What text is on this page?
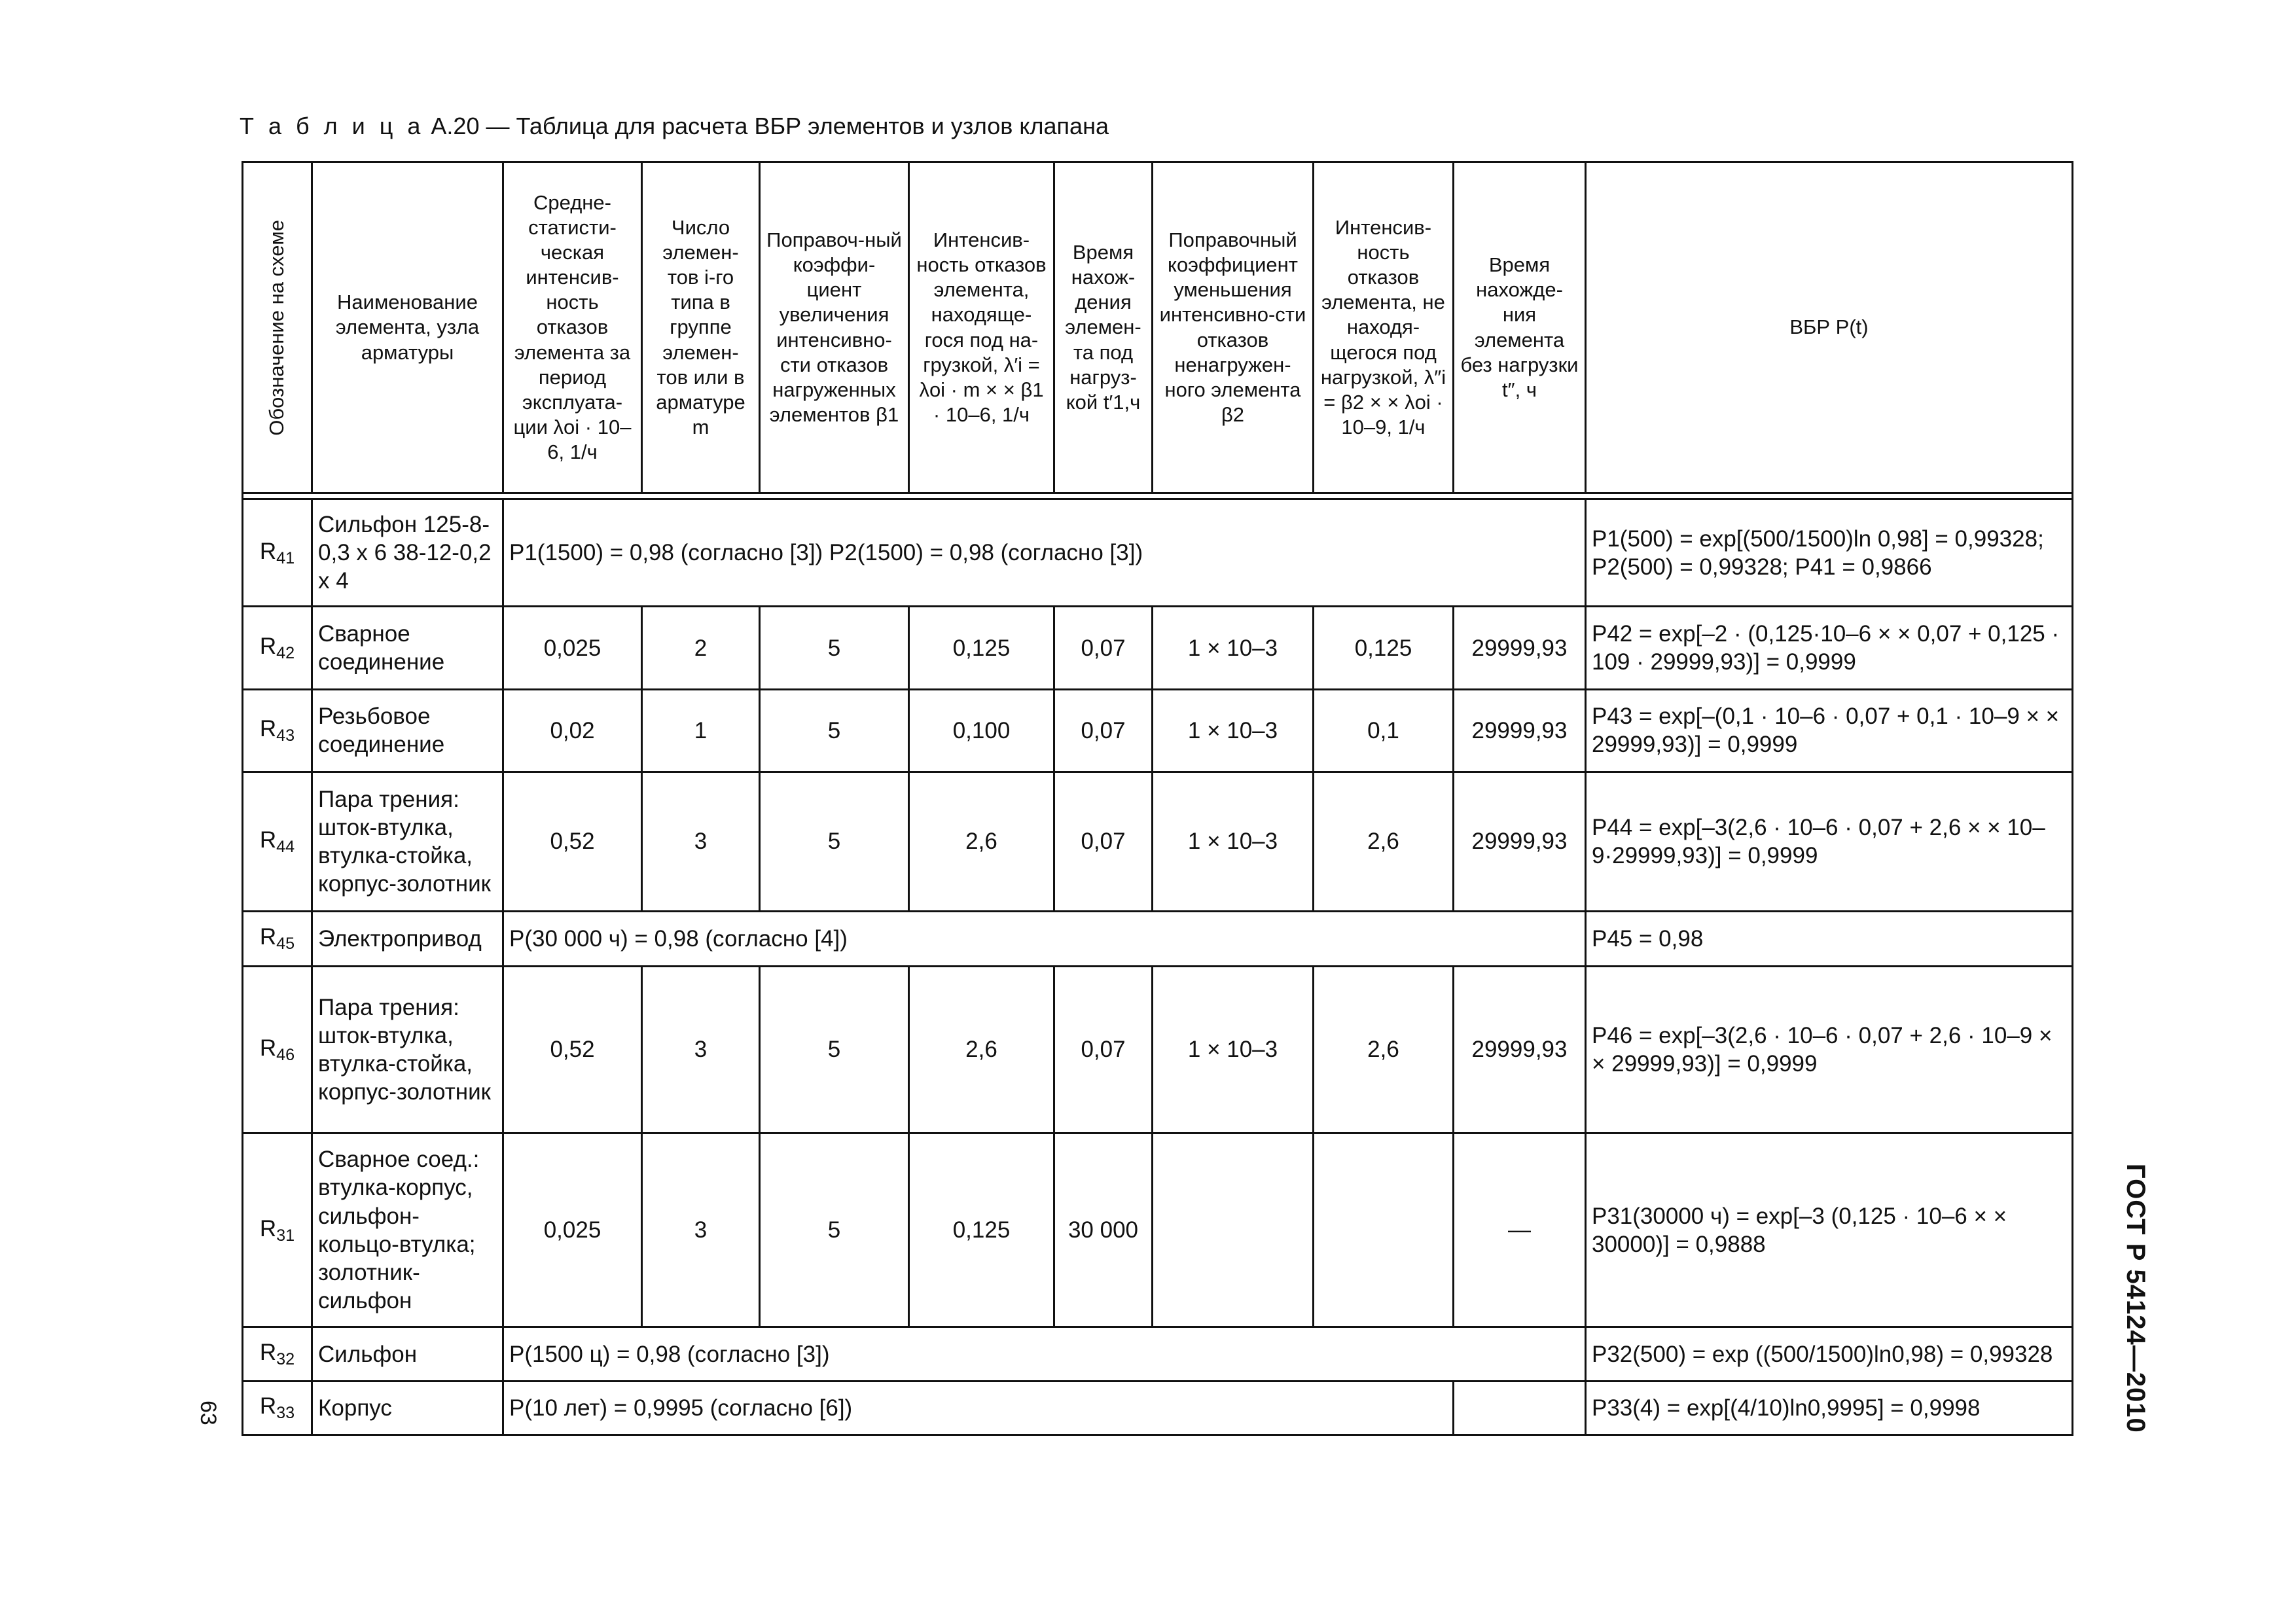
Т а б л и ц а А.20 — Таблица для расчета ВБР элементов и узлов клапана
Обозначение на схеме	Наименование элемента, узла арматуры	Средне-статисти-ческая интенсив-ность отказов элемента за период эксплуата-ции λoi · 10–6, 1/ч	Число элемен-тов i-го типа в группе элемен-тов или в арматуре m	Поправоч-ный коэффи-циент увеличения интенсивно-сти отказов нагруженных элементов β1	Интенсив-ность отказов элемента, находяще-гося под на-грузкой, λ′i = λoi · m × × β1 · 10–6, 1/ч	Время нахож-дения элемен-та под нагруз-кой t′1,ч	Поправочный коэффициент уменьшения интенсивно-сти отказов ненагружен-ного элемента β2	Интенсив-ность отказов элемента, не находя-щегося под нагрузкой, λ″i = β2 × × λoi · 10–9, 1/ч	Время нахожде-ния элемента без нагрузки t″, ч	ВБР P(t)

$R_{41}$	Сильфон 125-8-0,3 х 6 38-12-0,2 х 4	P1(1500) = 0,98 (согласно [3]) P2(1500) = 0,98 (согласно [3])								P1(500) = exp[(500/1500)ln 0,98] = 0,99328; P2(500) = 0,99328; P41 = 0,9866
$R_{42}$	Сварное соединение	0,025	2	5	0,125	0,07	1 × 10–3	0,125	29999,93	P42 = exp[–2 · (0,125·10–6 × × 0,07 + 0,125 · 109 · 29999,93)] = 0,9999
$R_{43}$	Резьбовое соединение	0,02	1	5	0,100	0,07	1 × 10–3	0,1	29999,93	P43 = exp[–(0,1 · 10–6 · 0,07 + 0,1 · 10–9 × × 29999,93)] = 0,9999
$R_{44}$	Пара трения: шток-втулка, втулка-стойка, корпус-золотник	0,52	3	5	2,6	0,07	1 × 10–3	2,6	29999,93	P44 = exp[–3(2,6 · 10–6 · 0,07 + 2,6 × × 10–9·29999,93)] = 0,9999
$R_{45}$	Электропривод	P(30 000 ч) = 0,98 (согласно [4])								P45 = 0,98
$R_{46}$	Пара трения: шток-втулка, втулка-стойка, корпус-золотник	0,52	3	5	2,6	0,07	1 × 10–3	2,6	29999,93	P46 = exp[–3(2,6 · 10–6 · 0,07 + 2,6 · 10–9 × × 29999,93)] = 0,9999
$R_{31}$	Сварное соед.: втулка-корпус, сильфон-кольцо-втулка; золотник-сильфон	0,025	3	5	0,125	30 000			—	P31(30000 ч) = exp[–3 (0,125 · 10–6 × × 30000)] = 0,9888
$R_{32}$	Сильфон	P(1500 ц) = 0,98 (согласно [3])								P32(500) = exp ((500/1500)ln0,98) = 0,99328
$R_{33}$	Корпус	P(10 лет) = 0,9995 (согласно [6])								P33(4) = exp[(4/10)ln0,9995] = 0,9998	ГОСТ Р 54124—2010
63
